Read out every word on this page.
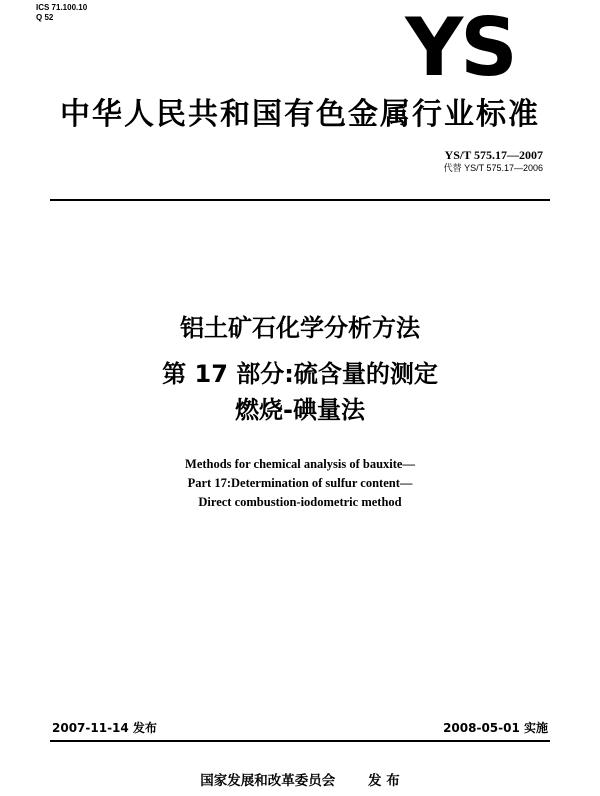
ICS 71.100.10

Q 52	YS
中华人民共和国有色金属行业标准

YS/T 575.17—2007

代替 YS/T 575.17—2006

铝土矿石化学分析方法
第 17 部分:硫含量的测定
燃烧-碘量法

Methods for chemical analysis of bauxite—

Part 17:Determination of sulfur content—

Direct combustion-iodometric method

2007-11-14 发布	2008-05-01 实施

国家发展和改革委员会 发 布
